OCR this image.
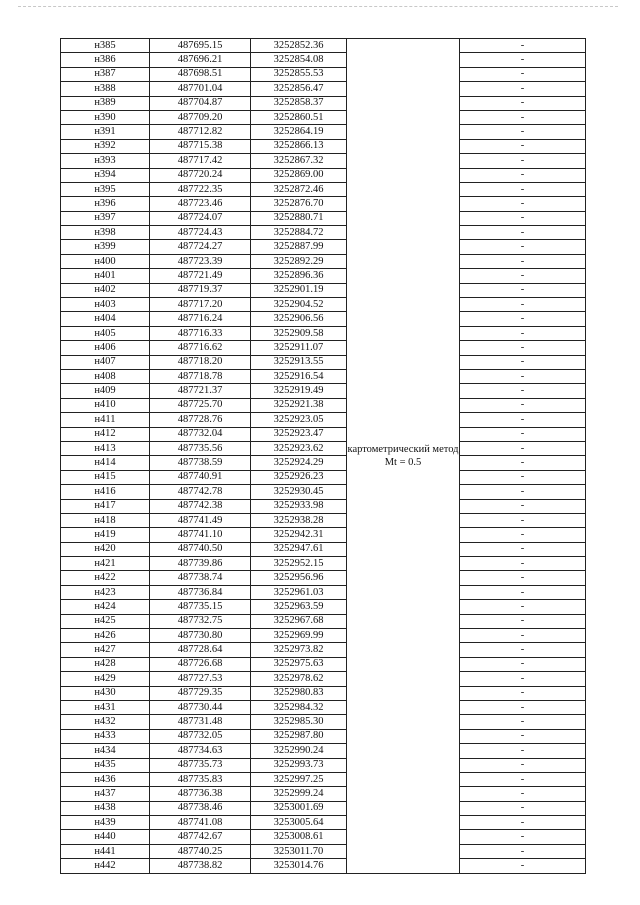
н385	487695.15	3252852.36	картометрический метод Mt = 0.5	-
н386	487696.21	3252854.08		-
н387	487698.51	3252855.53		-
н388	487701.04	3252856.47		-
н389	487704.87	3252858.37		-
н390	487709.20	3252860.51		-
н391	487712.82	3252864.19		-
н392	487715.38	3252866.13		-
н393	487717.42	3252867.32		-
н394	487720.24	3252869.00		-
н395	487722.35	3252872.46		-
н396	487723.46	3252876.70		-
н397	487724.07	3252880.71		-
н398	487724.43	3252884.72		-
н399	487724.27	3252887.99		-
н400	487723.39	3252892.29		-
н401	487721.49	3252896.36		-
н402	487719.37	3252901.19		-
н403	487717.20	3252904.52		-
н404	487716.24	3252906.56		-
н405	487716.33	3252909.58		-
н406	487716.62	3252911.07		-
н407	487718.20	3252913.55		-
н408	487718.78	3252916.54		-
н409	487721.37	3252919.49		-
н410	487725.70	3252921.38		-
н411	487728.76	3252923.05		-
н412	487732.04	3252923.47		-
н413	487735.56	3252923.62		-
н414	487738.59	3252924.29		-
н415	487740.91	3252926.23		-
н416	487742.78	3252930.45		-
н417	487742.38	3252933.98		-
н418	487741.49	3252938.28		-
н419	487741.10	3252942.31		-
н420	487740.50	3252947.61		-
н421	487739.86	3252952.15		-
н422	487738.74	3252956.96		-
н423	487736.84	3252961.03		-
н424	487735.15	3252963.59		-
н425	487732.75	3252967.68		-
н426	487730.80	3252969.99		-
н427	487728.64	3252973.82		-
н428	487726.68	3252975.63		-
н429	487727.53	3252978.62		-
н430	487729.35	3252980.83		-
н431	487730.44	3252984.32		-
н432	487731.48	3252985.30		-
н433	487732.05	3252987.80		-
н434	487734.63	3252990.24		-
н435	487735.73	3252993.73		-
н436	487735.83	3252997.25		-
н437	487736.38	3252999.24		-
н438	487738.46	3253001.69		-
н439	487741.08	3253005.64		-
н440	487742.67	3253008.61		-
н441	487740.25	3253011.70		-
н442	487738.82	3253014.76		-
